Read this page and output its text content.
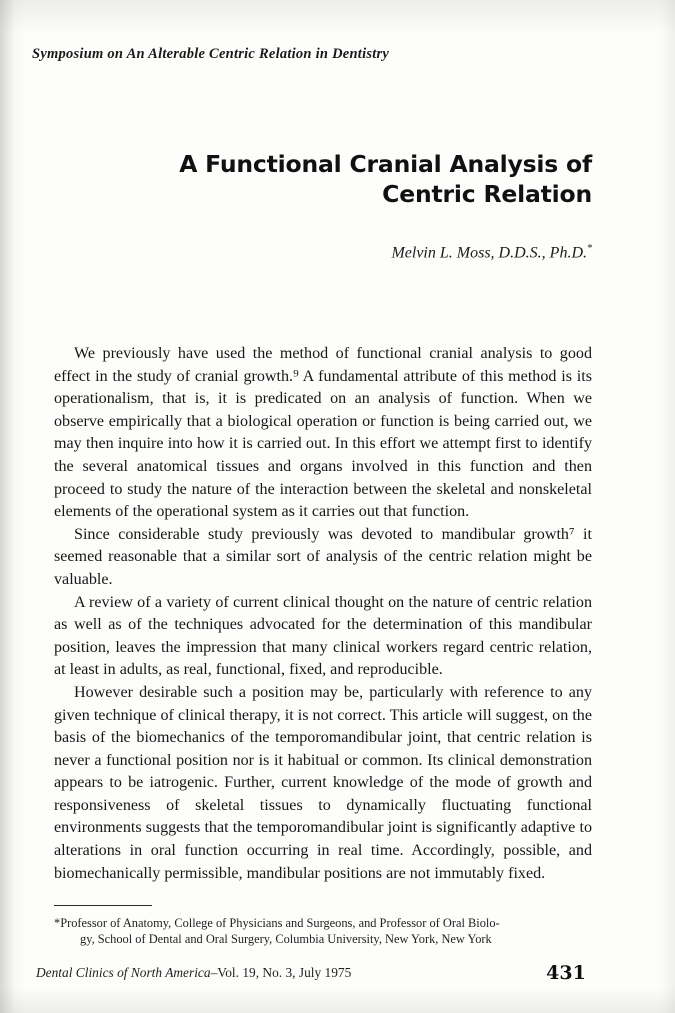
Symposium on An Alterable Centric Relation in Dentistry
A Functional Cranial Analysis of
Centric Relation
Melvin L. Moss, D.D.S., Ph.D.*

We previously have used the method of functional cranial analysis to good effect in the study of cranial growth.⁹ A fundamental attribute of this method is its operationalism, that is, it is predicated on an analysis of function. When we observe empirically that a biological operation or function is being carried out, we may then inquire into how it is carried out. In this effort we attempt first to identify the several anatomical tissues and organs involved in this function and then proceed to study the nature of the interaction between the skeletal and nonskeletal elements of the operational system as it carries out that function.

Since considerable study previously was devoted to mandibular growth⁷ it seemed reasonable that a similar sort of analysis of the centric relation might be valuable.

A review of a variety of current clinical thought on the nature of centric relation as well as of the techniques advocated for the determination of this mandibular position, leaves the impression that many clinical workers regard centric relation, at least in adults, as real, functional, fixed, and reproducible.

However desirable such a position may be, particularly with reference to any given technique of clinical therapy, it is not correct. This article will suggest, on the basis of the biomechanics of the temporomandibular joint, that centric relation is never a functional position nor is it habitual or common. Its clinical demonstration appears to be iatrogenic. Further, current knowledge of the mode of growth and responsiveness of skeletal tissues to dynamically fluctuating functional environments suggests that the temporomandibular joint is significantly adaptive to alterations in oral function occurring in real time. Accordingly, possible, and biomechanically permissible, mandibular positions are not immutably fixed.

*Professor of Anatomy, College of Physicians and Surgeons, and Professor of Oral Biolo-
gy, School of Dental and Oral Surgery, Columbia University, New York, New York
Dental Clinics of North America–Vol. 19, No. 3, July 1975	431
